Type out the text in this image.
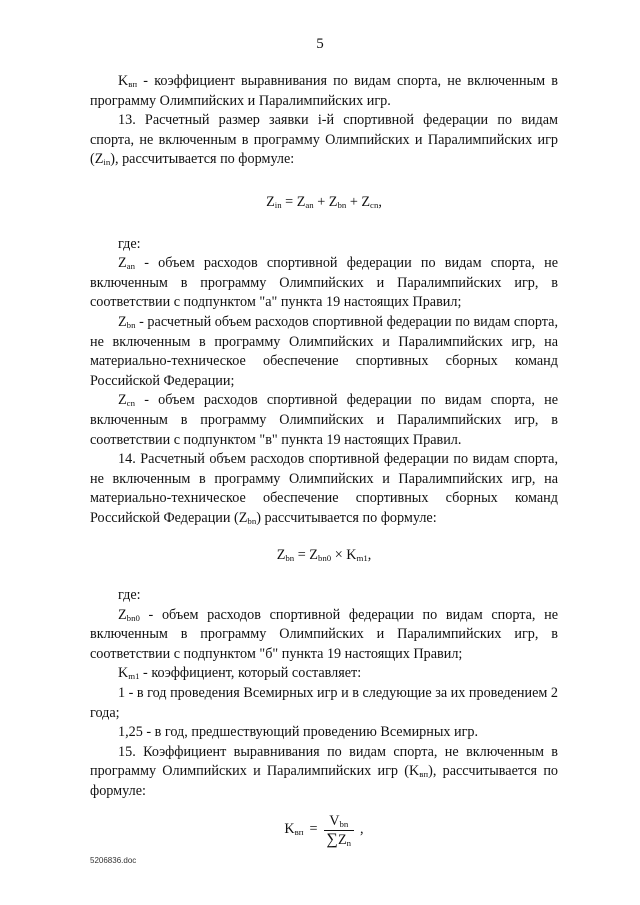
5

$K_{вп}$ - коэффициент выравнивания по видам спорта, не включенным в программу Олимпийских и Паралимпийских игр.

13. Расчетный размер заявки i-й спортивной федерации по видам спорта, не включенным в программу Олимпийских и Паралимпийских игр $(Z_{in})$, рассчитывается по формуле:

$Z_{in} = Z_{an} + Z_{bn} + Z_{cn}$,

где:

$Z_{an}$ - объем расходов спортивной федерации по видам спорта, не включенным в программу Олимпийских и Паралимпийских игр, в соответствии с подпунктом "а" пункта 19 настоящих Правил;

$Z_{bn}$ - расчетный объем расходов спортивной федерации по видам спорта, не включенным в программу Олимпийских и Паралимпийских игр, на материально-техническое обеспечение спортивных сборных команд Российской Федерации;

$Z_{cn}$ - объем расходов спортивной федерации по видам спорта, не включенным в программу Олимпийских и Паралимпийских игр, в соответствии с подпунктом "в" пункта 19 настоящих Правил.

14. Расчетный объем расходов спортивной федерации по видам спорта, не включенным в программу Олимпийских и Паралимпийских игр, на материально-техническое обеспечение спортивных сборных команд Российской Федерации $(Z_{bn})$ рассчитывается по формуле:

$Z_{bn} = Z_{bn0} \times K_{m1}$,

где:

$Z_{bn0}$ - объем расходов спортивной федерации по видам спорта, не включенным в программу Олимпийских и Паралимпийских игр, в соответствии с подпунктом "б" пункта 19 настоящих Правил;

$K_{m1}$ - коэффициент, который составляет:

1 - в год проведения Всемирных игр и в следующие за их проведением 2 года;

1,25 - в год, предшествующий проведению Всемирных игр.

15. Коэффициент выравнивания по видам спорта, не включенным в программу Олимпийских и Паралимпийских игр $(K_{вп})$, рассчитывается по формуле:

$K_{вп} = \frac{V_{bn}}{\sum Z_n}$ ,
5206836.doc
